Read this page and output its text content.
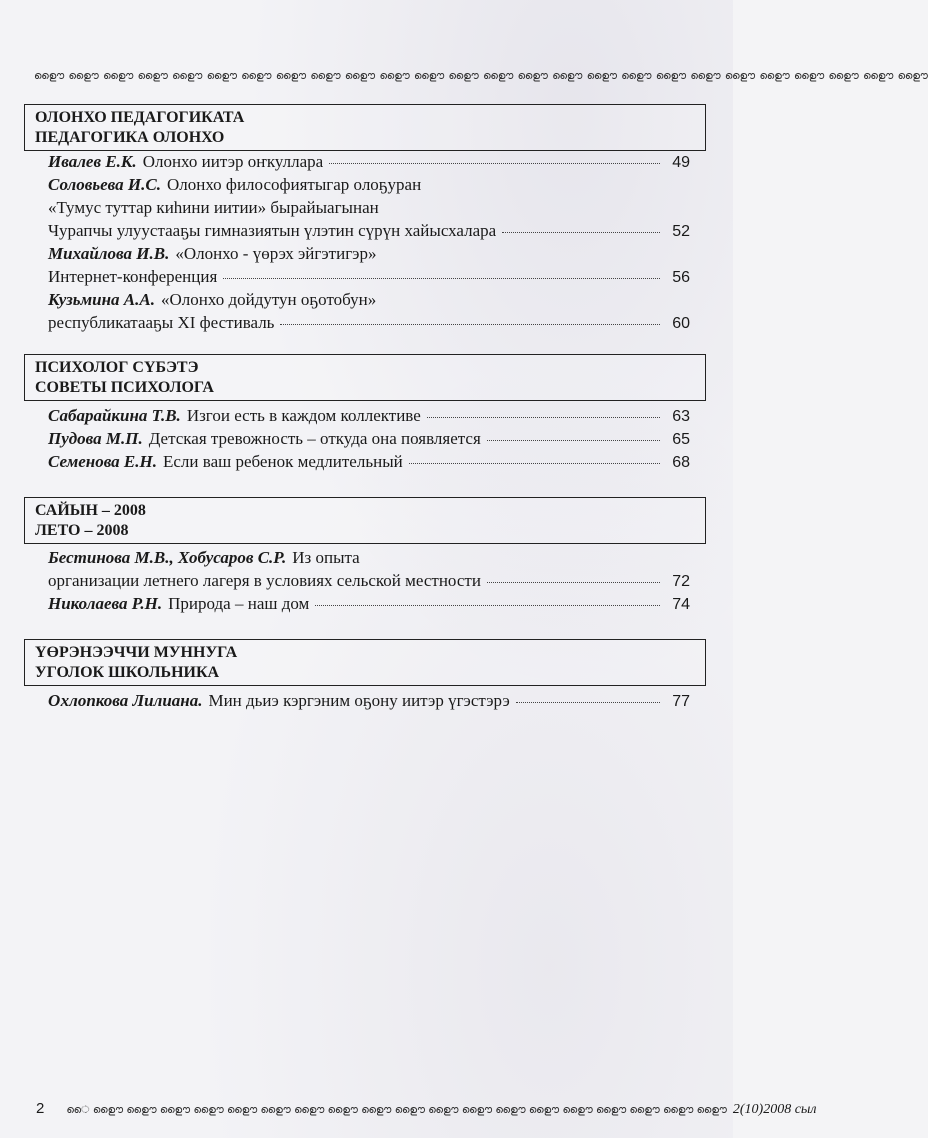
ഊൈ ഊൈ ഊൈ ഊൈ ഊൈ ഊൈ ഊൈ ഊൈ ഊൈ ഊൈ ഊൈ ഊൈ ഊൈ ഊൈ ഊൈ ഊൈ ഊൈ ഊൈ ഊൈ ഊൈ ഊൈ ഊൈ ഊൈ ഊൈ ഊൈ ഊൈ
ОЛОНХО ПЕДАГОГИКАТА
ПЕДАГОГИКА ОЛОНХО
Ивалев Е.К. Олонхо иитэр оҥкуллара	49
Соловьева И.С. Олонхо философиятыгар олоҕуран
«Тумус туттар киһини иитии» бырайыагынан
Чурапчы улуустааҕы гимназиятын үлэтин сүрүн хайысхалара	52
Михайлова И.В. «Олонхо - үөрэх эйгэтигэр»
Интернет-конференция	56
Кузьмина А.А. «Олонхо дойдутун оҕотобун»
республикатааҕы XI фестиваль	60
ПСИХОЛОГ СҮБЭТЭ
СОВЕТЫ ПСИХОЛОГА
Сабарайкина Т.В. Изгои есть в каждом коллективе	63
Пудова М.П. Детская тревожность – откуда она появляется	65
Семенова Е.Н. Если ваш ребенок медлительный	68
САЙЫН – 2008
ЛЕТО – 2008
Бестинова М.В., Хобусаров С.Р. Из опыта
организации летнего лагеря в условиях сельской местности	72
Николаева Р.Н. Природа – наш дом	74
ҮӨРЭНЭЭЧЧИ МУННУГА
УГОЛОК ШКОЛЬНИКА
Охлопкова Лилиана. Мин дьиэ кэргэним оҕону иитэр үгэстэрэ	77
2 ൈ ഊൈ ഊൈ ഊൈ ഊൈ ഊൈ ഊൈ ഊൈ ഊൈ ഊൈ ഊൈ ഊൈ ഊൈ ഊൈ ഊൈ ഊൈ ഊൈ ഊൈ ഊൈ ഊൈ 2(10)2008 сыл
